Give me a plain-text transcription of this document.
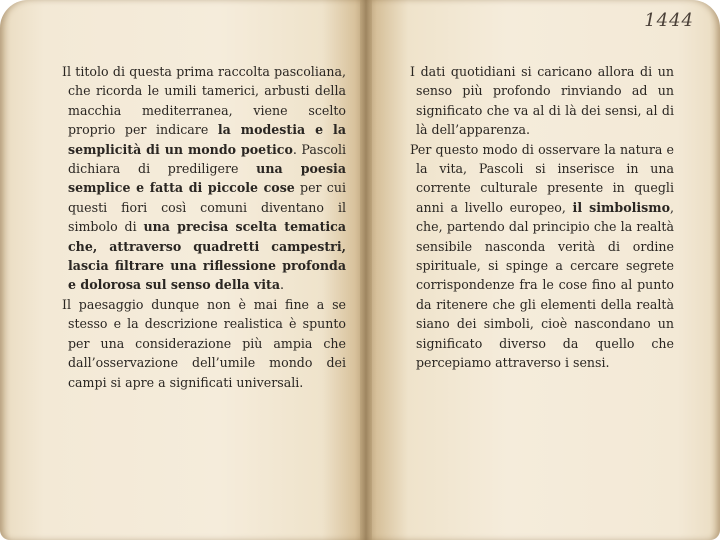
Il titolo di questa prima raccolta pascoliana, che ricorda le umili tamerici, arbusti della macchia mediterranea, viene scelto proprio per indicare la modestia e la semplicità di un mondo poetico. Pascoli dichiara di prediligere una poesia semplice e fatta di piccole cose per cui questi fiori così comuni diventano il simbolo di una precisa scelta tematica che, attraverso quadretti campestri, lascia filtrare una riflessione profonda e dolorosa sul senso della vita.

Il paesaggio dunque non è mai fine a se stesso e la descrizione realistica è spunto per una considerazione più ampia che dall’osservazione dell’umile mondo dei campi si apre a significati universali.

1444

I dati quotidiani si caricano allora di un senso più profondo rinviando ad un significato che va al di là dei sensi, al di là dell’apparenza.

Per questo modo di osservare la natura e la vita, Pascoli si inserisce in una corrente culturale presente in quegli anni a livello europeo, il simbolismo, che, partendo dal principio che la realtà sensibile nasconda verità di ordine spirituale, si spinge a cercare segrete corrispondenze fra le cose fino al punto da ritenere che gli elementi della realtà siano dei simboli, cioè nascondano un significato diverso da quello che percepiamo attraverso i sensi.
